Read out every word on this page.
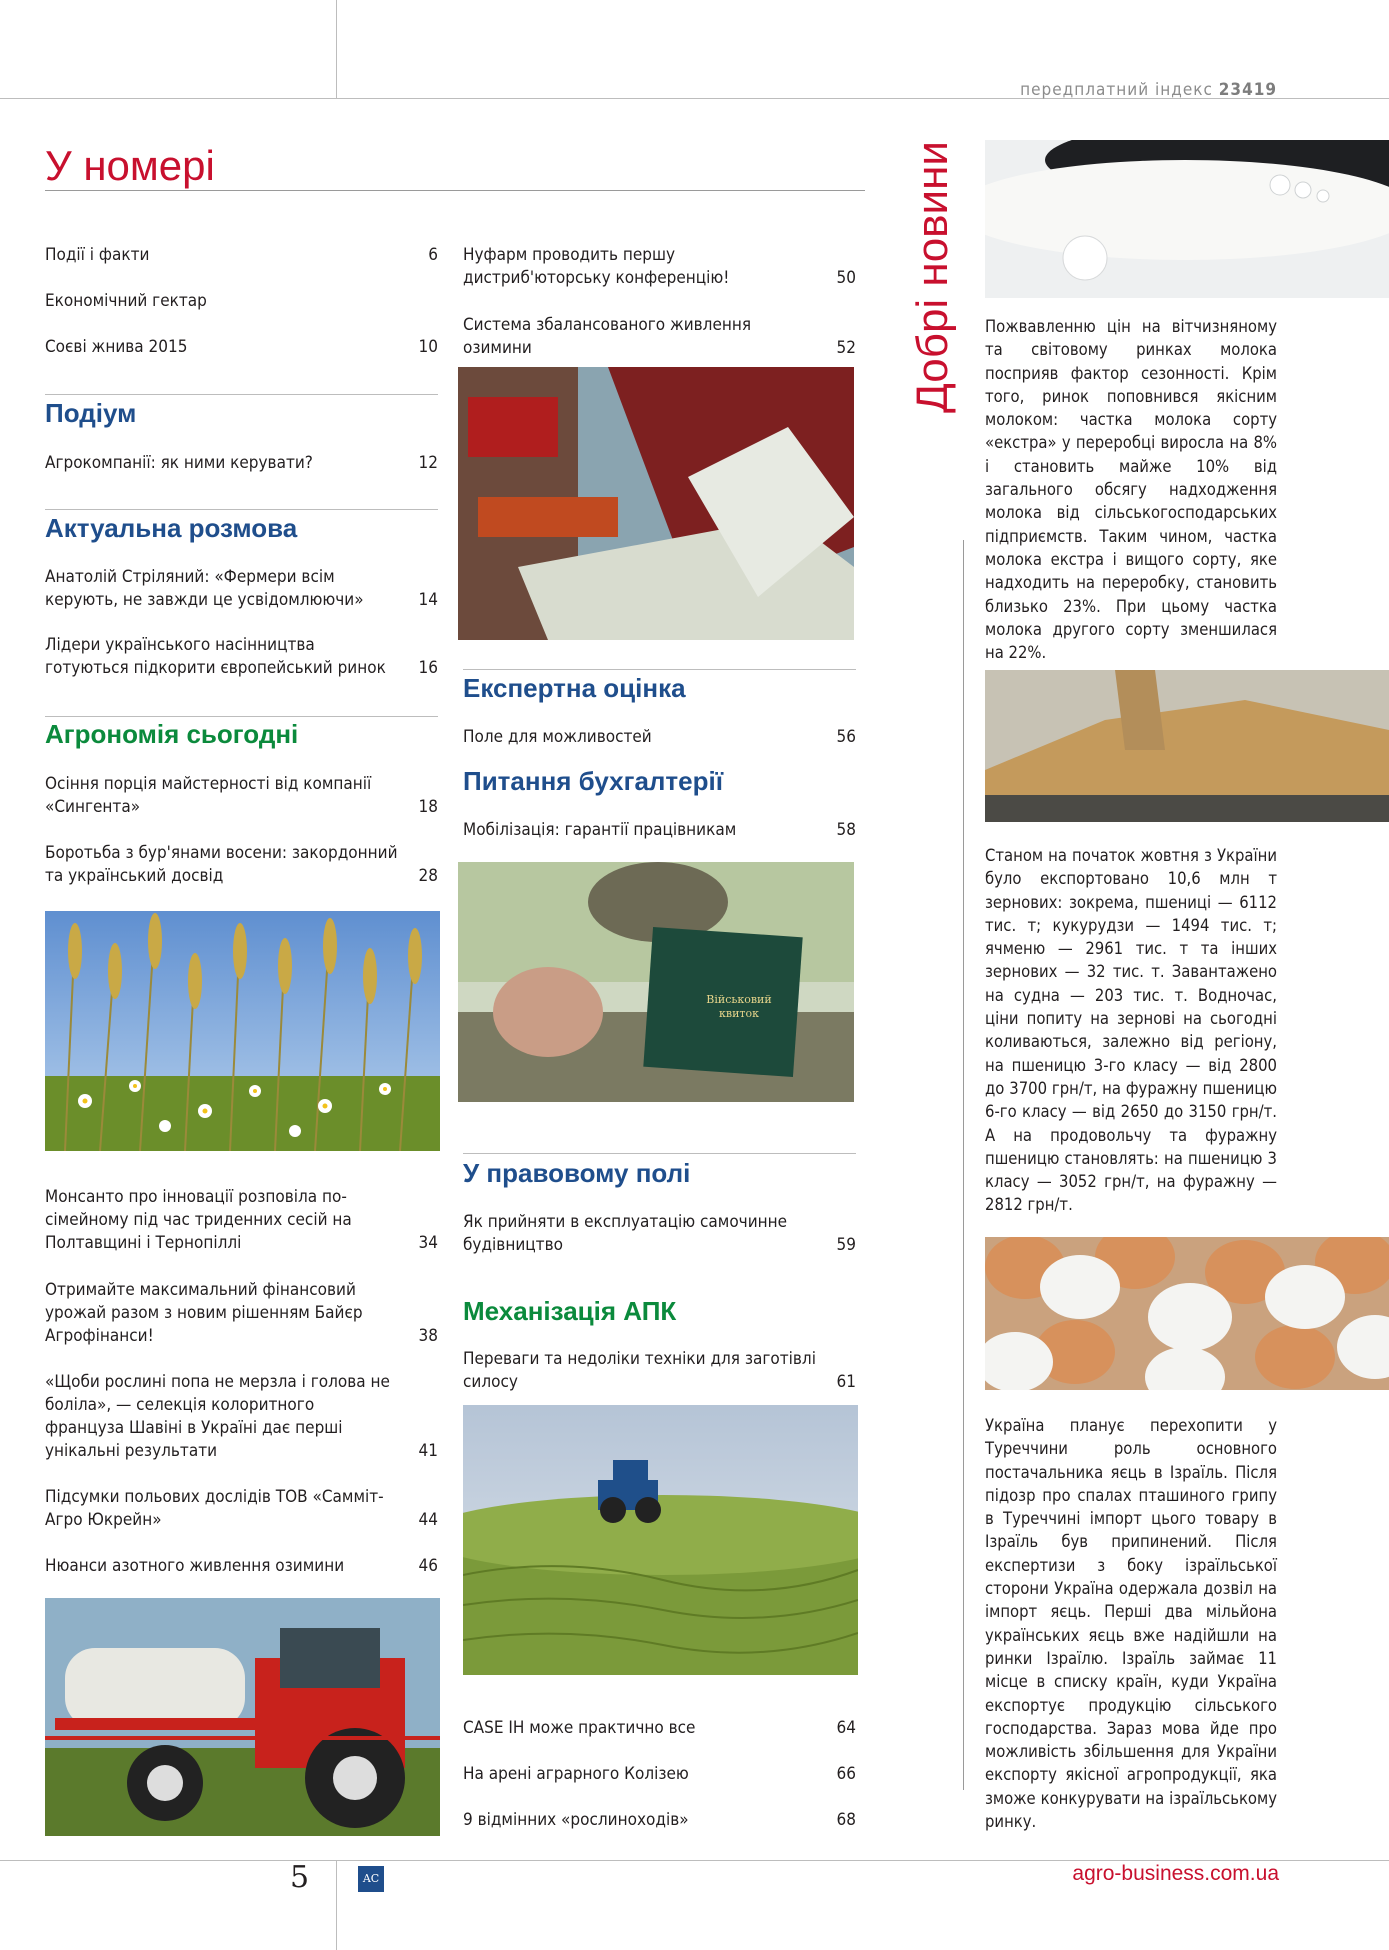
передплатний індекс 23419
У номері
Події і факти	6
Економічний гектар
Соєві жнива 2015	10
Подіум
Агрокомпанії: як ними керувати?	12
Актуальна розмова
Анатолій Стріляний: «Фермери всім керують, не завжди це усвідомлюючи»	14
Лідери українського насінництва готуються підкорити європейський ринок	16
Агрономія сьогодні
Осіння порція майстерності від компанії «Сингента»	18
Боротьба з бур'янами восени: закордонний та український досвід	28
Монсанто про інновації розповіла по-сімейному під час триденних сесій на Полтавщині і Тернопіллі	34
Отримайте максимальний фінансовий урожай разом з новим рішенням Байєр Агрофінанси!	38
«Щоби рослині попа не мерзла і голова не боліла», — селекція колоритного француза Шавіні в Україні дає перші унікальні результати	41
Підсумки польових дослідів ТОВ «Самміт-Агро Юкрейн»	44
Нюанси азотного живлення озимини	46
Нуфарм проводить першу дистриб'юторську конференцію!	50
Система збалансованого живлення озимини	52
Експертна оцінка
Поле для можливостей	56
Питання бухгалтерії
Мобілізація: гарантії працівникам	58
Військовий
квиток
У правовому полі
Як прийняти в експлуатацію самочинне будівництво	59
Механізація АПК
Переваги та недоліки техніки для заготівлі силосу	61
CASE IH може практично все	64
На арені аграрного Колізею	66
9 відмінних «рослиноходів»	68
Добрі новини Пожвавленню цін на вітчизняному та світовому ринках молока посприяв фактор сезонності. Крім того, ринок поповнився якісним молоком: частка молока сорту «екстра» у переробці виросла на 8% і становить майже 10% від загального обсягу надходження молока від сільськогосподарських підприємств. Таким чином, частка молока екстра і вищого сорту, яке надходить на переробку, становить близько 23%. При цьому частка молока другого сорту зменшилася на 22%.
Станом на початок жовтня з України було експортовано 10,6 млн т зернових: зокрема, пшениці — 6112 тис. т; кукурудзи — 1494 тис. т; ячменю — 2961 тис. т та інших зернових — 32 тис. т. Завантажено на судна — 203 тис. т. Водночас, ціни попиту на зернові на сьогодні коливаються, залежно від регіону, на пшеницю 3-го класу — від 2800 до 3700 грн/т, на фуражну пшеницю 6-го класу — від 2650 до 3150 грн/т. А на продовольчу та фуражну пшеницю становлять: на пшеницю 3 класу — 3052 грн/т, на фуражну — 2812 грн/т.
Україна планує перехопити у Туреччини роль основного постачальника яєць в Ізраїль. Після підозр про спалах пташиного грипу в Туреччині імпорт цього товару в Ізраїль був припинений. Після експертизи з боку ізраїльської сторони Україна одержала дозвіл на імпорт яєць. Перші два мільйона українських яєць вже надійшли на ринки Ізраїлю. Ізраїль займає 11 місце в списку країн, куди Україна експортує продукцію сільського господарства. Зараз мова йде про можливість збільшення для України експорту якісної агропродукції, яка зможе конкурувати на ізраїльському ринку.
5	AC	agro-business.com.ua
